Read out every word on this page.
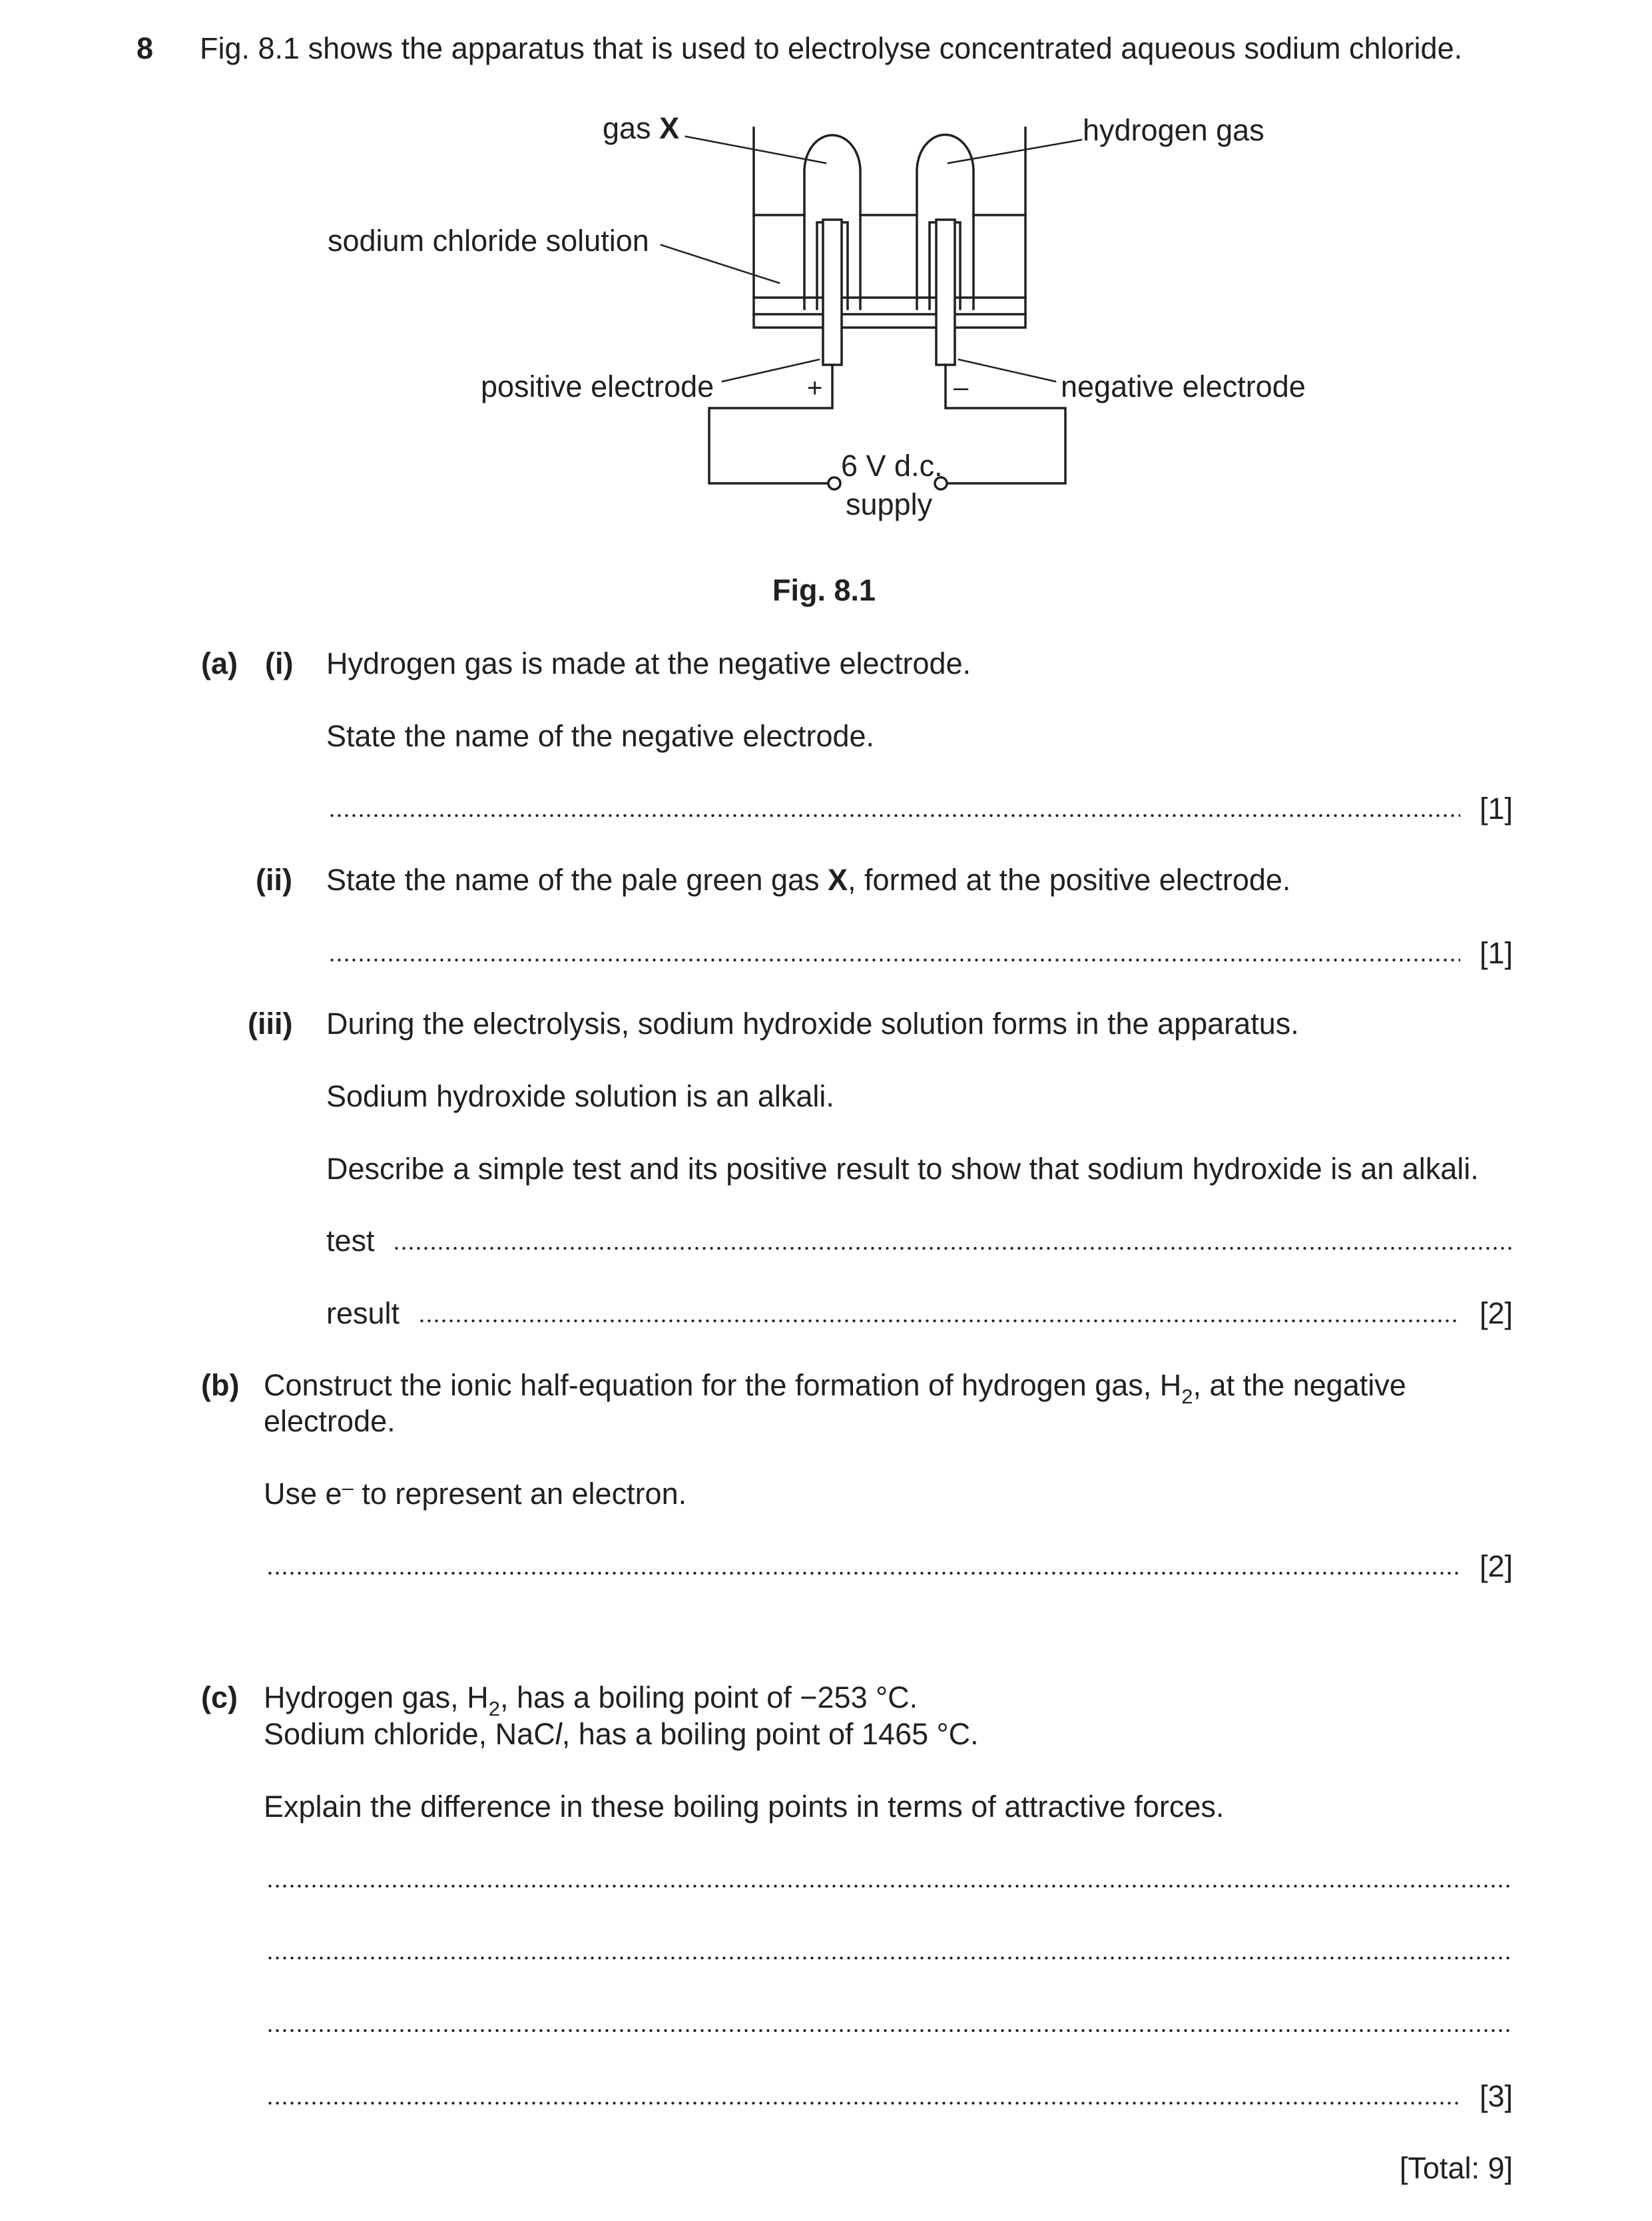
8 Fig. 8.1 shows the apparatus that is used to electrolyse concentrated aqueous sodium chloride.
gas X	hydrogen gas
sodium chloride solution
positive electrode	negative electrode
+	–
6 V d.c.
supply
Fig. 8.1
(a) (i) Hydrogen gas is made at the negative electrode.
State the name of the negative electrode.
[1]
(ii) State the name of the pale green gas X, formed at the positive electrode.
[1]
(iii) During the electrolysis, sodium hydroxide solution forms in the apparatus.
Sodium hydroxide solution is an alkali.
Describe a simple test and its positive result to show that sodium hydroxide is an alkali.
test
result	[2]
(b) Construct the ionic half-equation for the formation of hydrogen gas, $H_2$, at the negative
electrode.
Use e– to represent an electron.
[2]
(c) Hydrogen gas, $H_2$, has a boiling point of −253 °C.
Sodium chloride, NaCl, has a boiling point of 1465 °C.
Explain the difference in these boiling points in terms of attractive forces.
[3]
[Total: 9]
